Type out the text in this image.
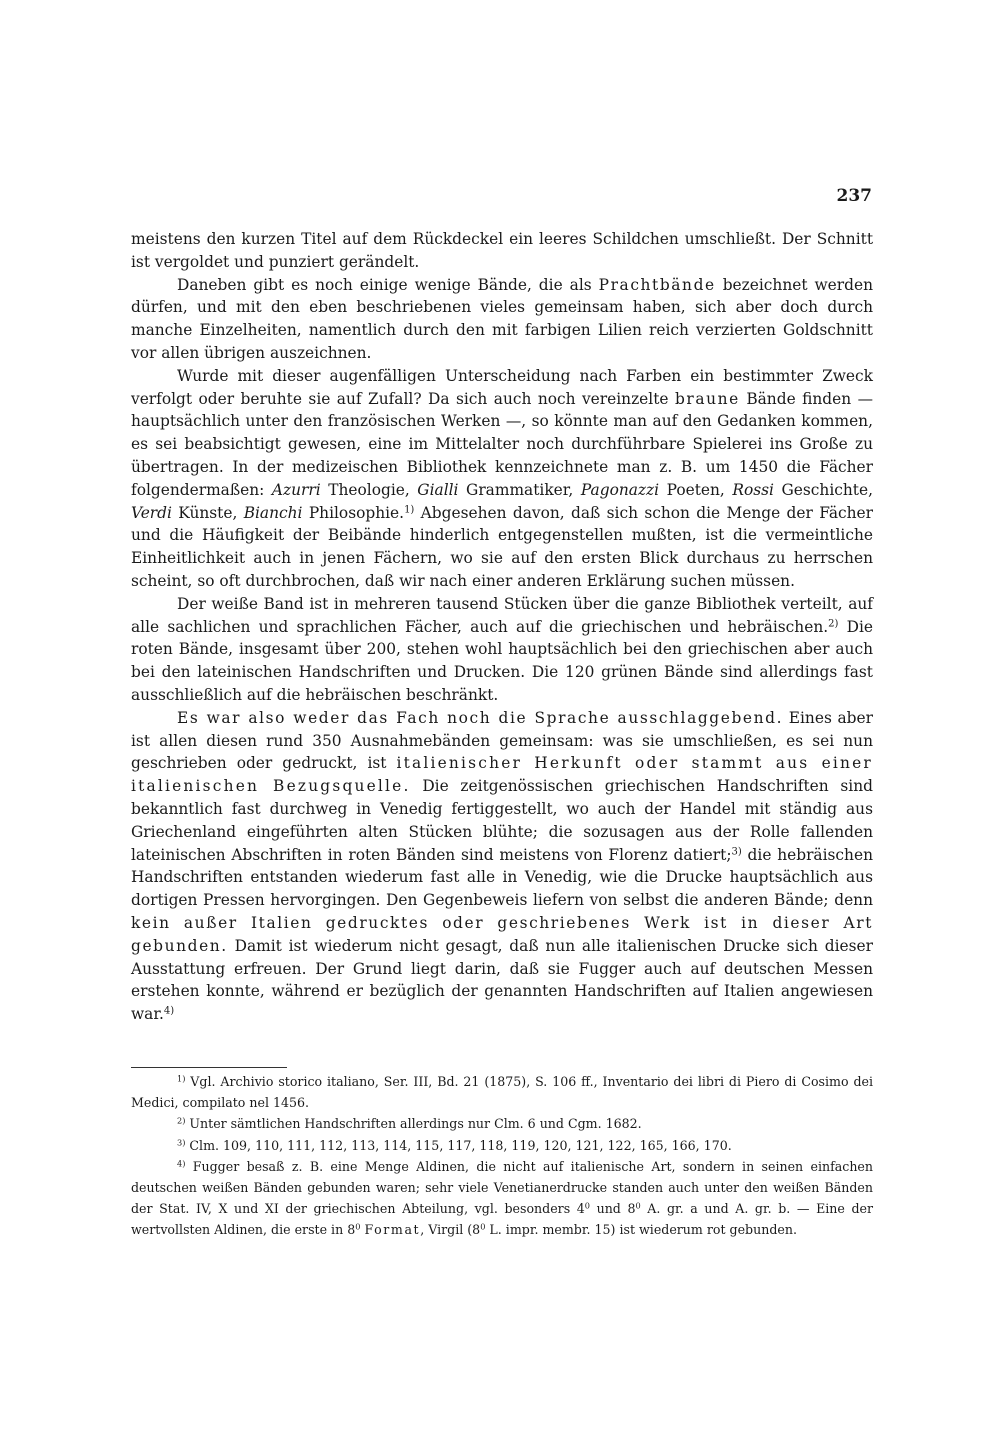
237

meistens den kurzen Titel auf dem Rückdeckel ein leeres Schildchen umschließt. Der Schnitt ist vergoldet und punziert gerändelt.

Daneben gibt es noch einige wenige Bände, die als Prachtbände bezeichnet werden dürfen, und mit den eben beschriebenen vieles gemeinsam haben, sich aber doch durch manche Einzelheiten, namentlich durch den mit farbigen Lilien reich verzierten Goldschnitt vor allen übrigen auszeichnen.

Wurde mit dieser augenfälligen Unterscheidung nach Farben ein bestimmter Zweck verfolgt oder beruhte sie auf Zufall? Da sich auch noch vereinzelte braune Bände finden — hauptsächlich unter den französischen Werken —, so könnte man auf den Gedanken kommen, es sei beabsichtigt gewesen, eine im Mittelalter noch durchführbare Spielerei ins Große zu übertragen. In der medizeischen Bibliothek kennzeichnete man z. B. um 1450 die Fächer folgendermaßen: Azurri Theologie, Gialli Grammatiker, Pagonazzi Poeten, Rossi Geschichte, Verdi Künste, Bianchi Philosophie.$^{1)}$ Abgesehen davon, daß sich schon die Menge der Fächer und die Häufigkeit der Beibände hinderlich entgegenstellen mußten, ist die vermeintliche Einheitlichkeit auch in jenen Fächern, wo sie auf den ersten Blick durchaus zu herrschen scheint, so oft durchbrochen, daß wir nach einer anderen Erklärung suchen müssen.

Der weiße Band ist in mehreren tausend Stücken über die ganze Bibliothek verteilt, auf alle sachlichen und sprachlichen Fächer, auch auf die griechischen und hebräischen.$^{2)}$ Die roten Bände, insgesamt über 200, stehen wohl hauptsächlich bei den griechischen aber auch bei den lateinischen Handschriften und Drucken. Die 120 grünen Bände sind allerdings fast ausschließlich auf die hebräischen beschränkt.

Es war also weder das Fach noch die Sprache ausschlaggebend. Eines aber ist allen diesen rund 350 Ausnahmebänden gemeinsam: was sie umschließen, es sei nun geschrieben oder gedruckt, ist italienischer Herkunft oder stammt aus einer italienischen Bezugsquelle. Die zeitgenössischen griechischen Handschriften sind bekanntlich fast durchweg in Venedig fertiggestellt, wo auch der Handel mit ständig aus Griechenland eingeführten alten Stücken blühte; die sozusagen aus der Rolle fallenden lateinischen Abschriften in roten Bänden sind meistens von Florenz datiert;$^{3)}$ die hebräischen Handschriften entstanden wiederum fast alle in Venedig, wie die Drucke hauptsächlich aus dortigen Pressen hervorgingen. Den Gegenbeweis liefern von selbst die anderen Bände; denn kein außer Italien gedrucktes oder geschriebenes Werk ist in dieser Art gebunden. Damit ist wiederum nicht gesagt, daß nun alle italienischen Drucke sich dieser Ausstattung erfreuen. Der Grund liegt darin, daß sie Fugger auch auf deutschen Messen erstehen konnte, während er bezüglich der genannten Handschriften auf Italien angewiesen war.$^{4)}$

$^{1)}$ Vgl. Archivio storico italiano, Ser. III, Bd. 21 (1875), S. 106 ff., Inventario dei libri di Piero di Cosimo dei Medici, compilato nel 1456.

$^{2)}$ Unter sämtlichen Handschriften allerdings nur Clm. 6 und Cgm. 1682.

$^{3)}$ Clm. 109, 110, 111, 112, 113, 114, 115, 117, 118, 119, 120, 121, 122, 165, 166, 170.

$^{4)}$ Fugger besaß z. B. eine Menge Aldinen, die nicht auf italienische Art, sondern in seinen einfachen deutschen weißen Bänden gebunden waren; sehr viele Venetianerdrucke standen auch unter den weißen Bänden der Stat. IV, X und XI der griechischen Abteilung, vgl. besonders $4^0$ und $8^0$ A. gr. a und A. gr. b. — Eine der wertvollsten Aldinen, die erste in $8^0$ Format, Virgil ($8^0$ L. impr. membr. 15) ist wiederum rot gebunden.
